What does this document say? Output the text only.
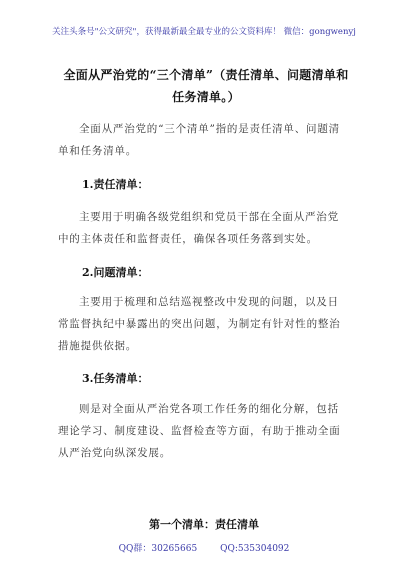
关注头条号"公文研究"，获得最新最全最专业的公文资料库！ 微信：gongwenyj
全面从严治党的“三个清单”（责任清单、问题清单和任务清单。）
全面从严治党的“三个清单”指的是责任清单、问题清单和任务清单。
1.责任清单：
主要用于明确各级党组织和党员干部在全面从严治党中的主体责任和监督责任，确保各项任务落到实处。
2.问题清单：
主要用于梳理和总结巡视整改中发现的问题，以及日常监督执纪中暴露出的突出问题，为制定有针对性的整治措施提供依据。
3.任务清单：
则是对全面从严治党各项工作任务的细化分解，包括理论学习、制度建设、监督检查等方面，有助于推动全面从严治党向纵深发展。
第一个清单：责任清单
QQ群：30265665	QQ:535304092
